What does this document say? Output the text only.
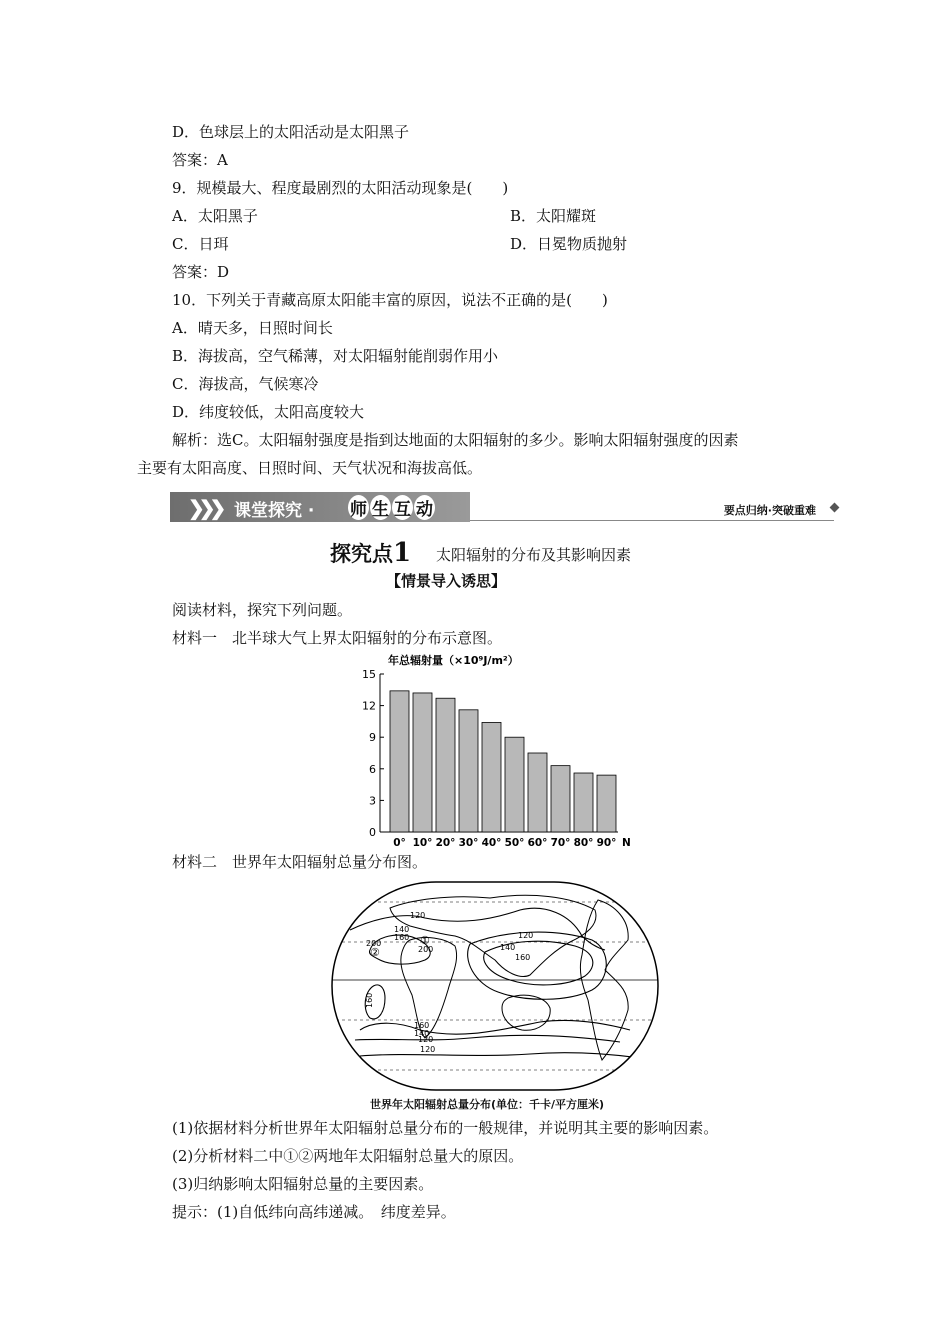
D．色球层上的太阳活动是太阳黑子
答案：A
9．规模最大、程度最剧烈的太阳活动现象是(　　)
A．太阳黑子	B．太阳耀斑
C．日珥	D．日冕物质抛射
答案：D
10．下列关于青藏高原太阳能丰富的原因，说法不正确的是(　　)
A．晴天多，日照时间长
B．海拔高，空气稀薄，对太阳辐射能削弱作用小
C．海拔高，气候寒冷
D．纬度较低，太阳高度较大
解析：选C。太阳辐射强度是指到达地面的太阳辐射的多少。影响太阳辐射强度的因素
主要有太阳高度、日照时间、天气状况和海拔高低。
❯❯❯ 课堂探究 · 师 生 互 动	要点归纳·突破重难
探究点1 太阳辐射的分布及其影响因素
【情景导入诱思】
阅读材料，探究下列问题。
材料一　北半球大气上界太阳辐射的分布示意图。
年总辐射量（×10⁹J/m²）
0
3
6
9
12
15
0° 10° 20° 30° 40° 50° 60° 70° 80° 90° N
材料二　世界年太阳辐射总量分布图。
120
140
160	120
200
200	140
160
120
160
140
120
160
①
②
世界年太阳辐射总量分布(单位：千卡/平方厘米)
(1)依据材料分析世界年太阳辐射总量分布的一般规律，并说明其主要的影响因素。
(2)分析材料二中①②两地年太阳辐射总量大的原因。
(3)归纳影响太阳辐射总量的主要因素。
提示：(1)自低纬向高纬递减。　纬度差异。
